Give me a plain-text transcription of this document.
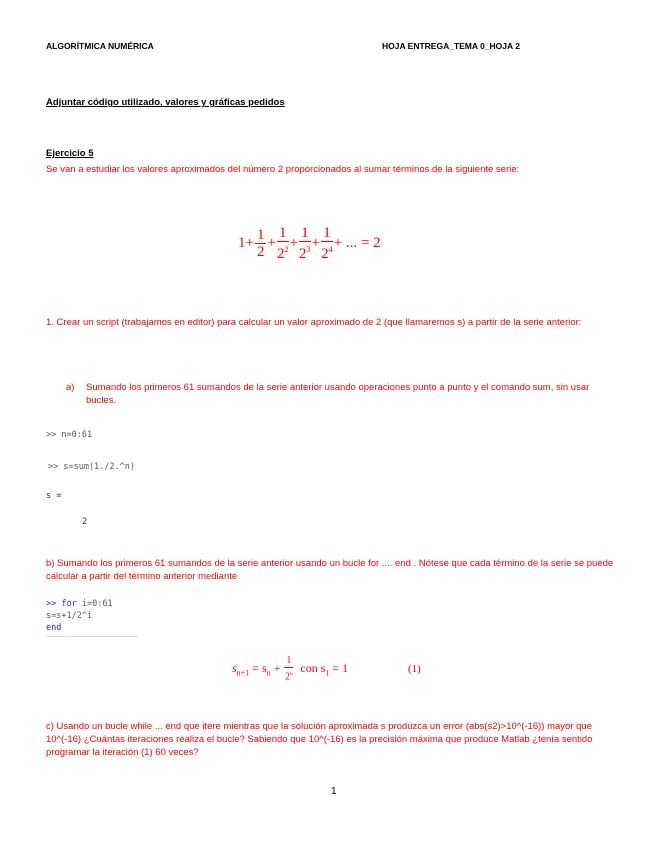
ALGORÍTMICA NUMÉRICA	HOJA ENTREGA_TEMA 0_HOJA 2
Adjuntar código utilizado, valores y gráficas pedidos
Ejercicio 5
Se van a estudiar los valores aproximados del número 2 proporcionados al sumar términos de la siguiente serie:
$1+ \frac{1}{2} + \frac{1}{2^2} + \frac{1}{2^3} + \frac{1}{2^4}$ + ... = 2
1. Crear un script (trabajamos en editor) para calcular un valor aproximado de 2 (que llamaremos s) a partir de la serie anterior:
a)	Sumando los primeros 61 sumandos de la serie anterior usando operaciones punto a punto y el comando sum, sin usar bucles.
>> n=0:61
>> s=sum(1./2.^n)
s =
2
b) Sumando los primeros 61 sumandos de la serie anterior usando un bucle for .... end . Nótese que cada término de la serie se puede calcular a partir del término anterior mediante
>> for i=0:61
s=s+1/2^i
end
$s_{n+1} = s_n + \frac{1}{2^n}$ con $s_1 = 1$	(1)
c) Usando un bucle while ... end que itere mientras que la solución aproximada s produzca un error (abs(s2)>10^(-16)) mayor que 10^(-16) ¿Cuántas iteraciones realiza el bucle? Sabiendo que 10^(-16) es la precisión máxima que produce Matlab ¿tenía sentido programar la iteración (1) 60 veces?
1
